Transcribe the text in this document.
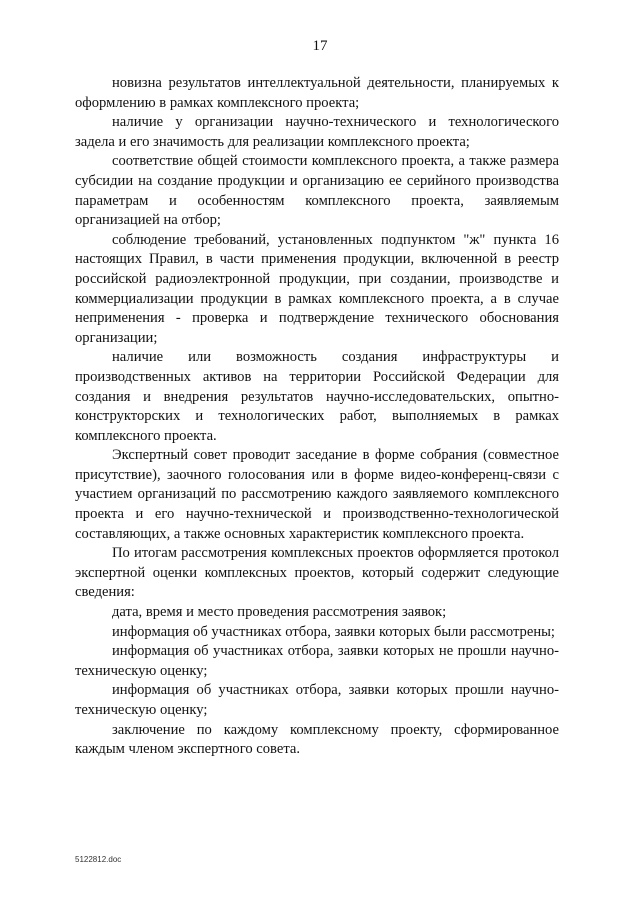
17

новизна результатов интеллектуальной деятельности, планируемых к оформлению в рамках комплексного проекта;

наличие у организации научно-технического и технологического задела и его значимость для реализации комплексного проекта;

соответствие общей стоимости комплексного проекта, а также размера субсидии на создание продукции и организацию ее серийного производства параметрам и особенностям комплексного проекта, заявляемым организацией на отбор;

соблюдение требований, установленных подпунктом "ж" пункта 16 настоящих Правил, в части применения продукции, включенной в реестр российской радиоэлектронной продукции, при создании, производстве и коммерциализации продукции в рамках комплексного проекта, а в случае неприменения - проверка и подтверждение технического обоснования организации;

наличие или возможность создания инфраструктуры и производственных активов на территории Российской Федерации для создания и внедрения результатов научно-исследовательских, опытно-конструкторских и технологических работ, выполняемых в рамках комплексного проекта.

Экспертный совет проводит заседание в форме собрания (совместное присутствие), заочного голосования или в форме видео-конференц-связи с участием организаций по рассмотрению каждого заявляемого комплексного проекта и его научно-технической и производственно-технологической составляющих, а также основных характеристик комплексного проекта.

По итогам рассмотрения комплексных проектов оформляется протокол экспертной оценки комплексных проектов, который содержит следующие сведения:

дата, время и место проведения рассмотрения заявок;

информация об участниках отбора, заявки которых были рассмотрены;

информация об участниках отбора, заявки которых не прошли научно-техническую оценку;

информация об участниках отбора, заявки которых прошли научно-техническую оценку;

заключение по каждому комплексному проекту, сформированное каждым членом экспертного совета.

5122812.doc
